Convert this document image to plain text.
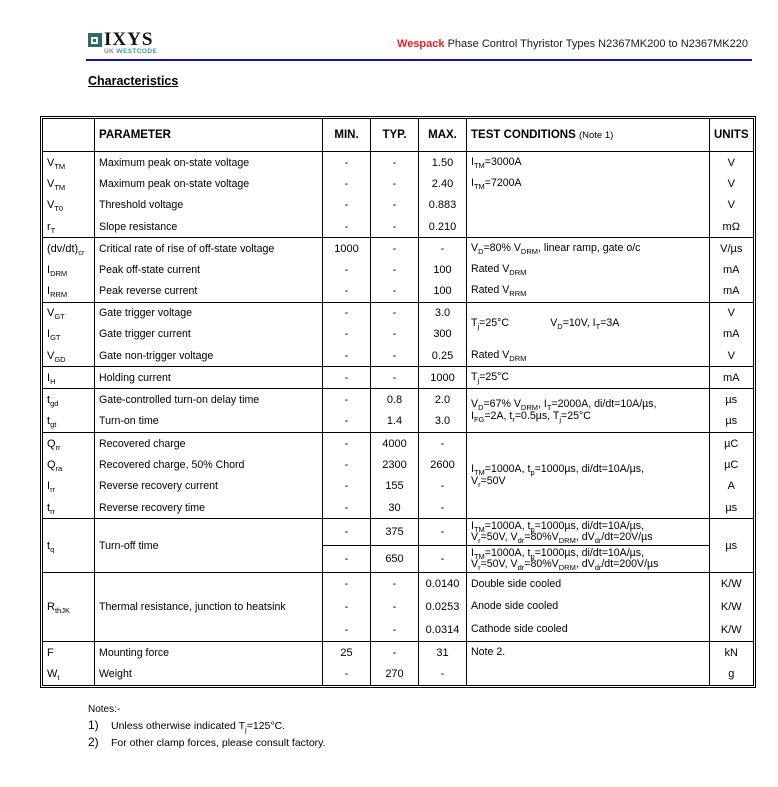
IXYS
UK WESTCODE
Wespack Phase Control Thyristor Types N2367MK200 to N2367MK220
Characteristics
	PARAMETER	MIN.	TYP.	MAX.	TEST CONDITIONS (Note 1)	UNITS
$V_{TM}$	Maximum peak on-state voltage	-	-	1.50	$I_{TM}=3000A$	V
$V_{TM}$	Maximum peak on-state voltage	-	-	2.40	$I_{TM}=7200A$	V
$V_{T0}$	Threshold voltage	-	-	0.883		V
$r_T$	Slope resistance	-	-	0.210		mΩ
$(dv/dt)_{cr}$	Critical rate of rise of off-state voltage	1000	-	-	$V_D=80\%$ $V_{DRM}$, linear ramp, gate o/c	V/µs
$I_{DRM}$	Peak off-state current	-	-	100	Rated $V_{DRM}$	mA
$I_{RRM}$	Peak reverse current	-	-	100	Rated $V_{RRM}$	mA
$V_{GT}$	Gate trigger voltage	-	-	3.0	$T_j=25^\circ C$              $V_D=10V$, $I_T=3A$	V
$I_{GT}$	Gate trigger current	-	-	300		mA
$V_{GD}$	Gate non-trigger voltage	-	-	0.25	Rated $V_{DRM}$	V
$I_H$	Holding current	-	-	1000	$T_j=25^\circ C$	mA
$t_{gd}$	Gate-controlled turn-on delay time	-	0.8	2.0	$V_D=67\%$ $V_{DRM}$, $I_T=2000A$, di/dt=10A/µs,
$I_{FG}=2A$, $t_r=0.5\mu s$, $T_j=25^\circ C$	µs
$t_{gt}$	Turn-on time	-	1.4	3.0		µs
$Q_{rr}$	Recovered charge	-	4000	-	$I_{TM}=1000A$, $t_p=1000\mu s$, di/dt=10A/µs,
$V_r=50V$	µC
$Q_{ra}$	Recovered charge, 50% Chord	-	2300	2600		µC
$I_{rr}$	Reverse recovery current	-	155	-		A
$t_{rr}$	Reverse recovery time	-	30	-		µs
$t_q$	Turn-off time	-	375	-	$I_{TM}=1000A$, $t_p=1000\mu s$, di/dt=10A/µs,
$V_r=50V$, $V_{dr}=80\%V_{DRM}$, $dV_{dr}/dt=20V/\mu s$	µs
		-	650	-	$I_{TM}=1000A$, $t_p=1000\mu s$, di/dt=10A/µs,
$V_r=50V$, $V_{dr}=80\%V_{DRM}$, $dV_{dr}/dt=200V/\mu s$	
$R_{thJK}$	Thermal resistance, junction to heatsink	-	-	0.0140	Double side cooled	K/W
		-	-	0.0253	Anode side cooled	K/W
		-	-	0.0314	Cathode side cooled	K/W
F	Mounting force	25	-	31	Note 2.	kN
$W_t$	Weight	-	270	-		g
Notes:-
1)	Unless otherwise indicated $T_j=125^\circ C$.
2)	For other clamp forces, please consult factory.
